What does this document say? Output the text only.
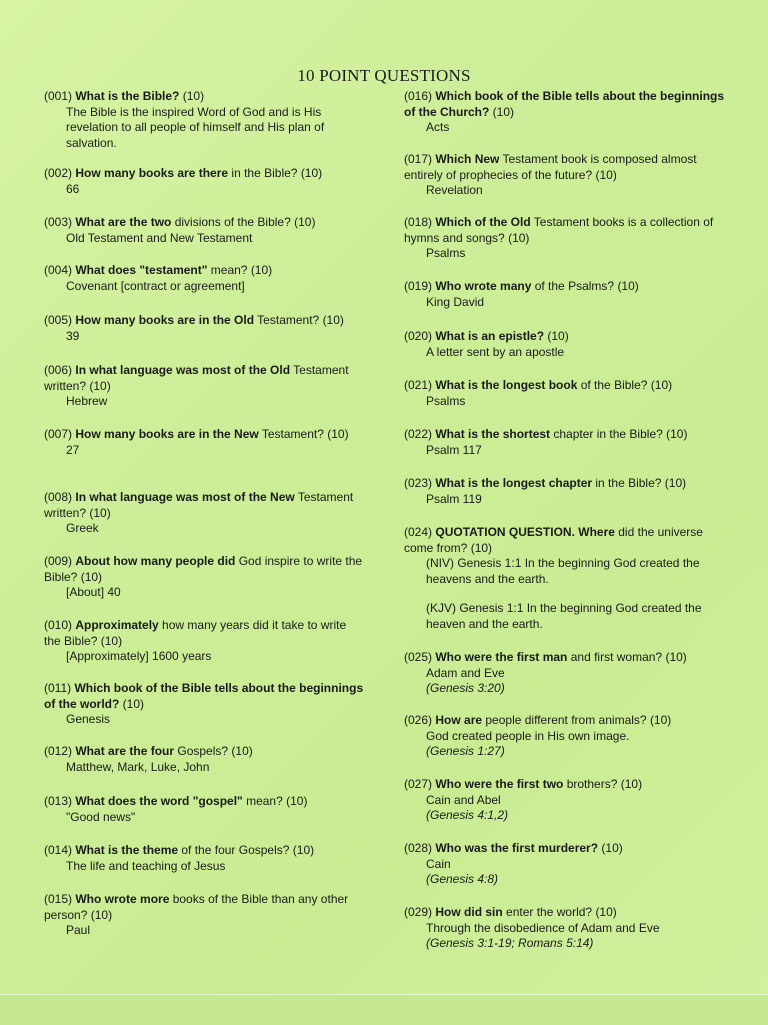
10 POINT QUESTIONS
(001) What is the Bible? (10)
The Bible is the inspired Word of God and is His revelation to all people of himself and His plan of salvation.
(002) How many books are there in the Bible? (10)
66
(003) What are the two divisions of the Bible? (10)
Old Testament and New Testament
(004) What does "testament" mean? (10)
Covenant [contract or agreement]
(005) How many books are in the Old Testament? (10)
39
(006) In what language was most of the Old Testament written? (10)
Hebrew
(007) How many books are in the New Testament? (10)
27
(008) In what language was most of the New Testament written? (10)
Greek
(009) About how many people did God inspire to write the Bible? (10)
[About] 40
(010) Approximately how many years did it take to write the Bible? (10)
[Approximately] 1600 years
(011) Which book of the Bible tells about the beginnings of the world? (10)
Genesis
(012) What are the four Gospels? (10)
Matthew, Mark, Luke, John
(013) What does the word "gospel" mean? (10)
"Good news"
(014) What is the theme of the four Gospels? (10)
The life and teaching of Jesus
(015) Who wrote more books of the Bible than any other person? (10)
Paul
(016) Which book of the Bible tells about the beginnings of the Church? (10)
Acts
(017) Which New Testament book is composed almost entirely of prophecies of the future? (10)
Revelation
(018) Which of the Old Testament books is a collection of hymns and songs? (10)
Psalms
(019) Who wrote many of the Psalms? (10)
King David
(020) What is an epistle? (10)
A letter sent by an apostle
(021) What is the longest book of the Bible? (10)
Psalms
(022) What is the shortest chapter in the Bible? (10)
Psalm 117
(023) What is the longest chapter in the Bible? (10)
Psalm 119
(024) QUOTATION QUESTION. Where did the universe come from? (10)
(NIV) Genesis 1:1 In the beginning God created the heavens and the earth.
(KJV) Genesis 1:1 In the beginning God created the heaven and the earth.
(025) Who were the first man and first woman? (10)
Adam and Eve
(Genesis 3:20)
(026) How are people different from animals? (10)
God created people in His own image.
(Genesis 1:27)
(027) Who were the first two brothers? (10)
Cain and Abel
(Genesis 4:1,2)
(028) Who was the first murderer? (10)
Cain
(Genesis 4:8)
(029) How did sin enter the world? (10)
Through the disobedience of Adam and Eve
(Genesis 3:1-19; Romans 5:14)
